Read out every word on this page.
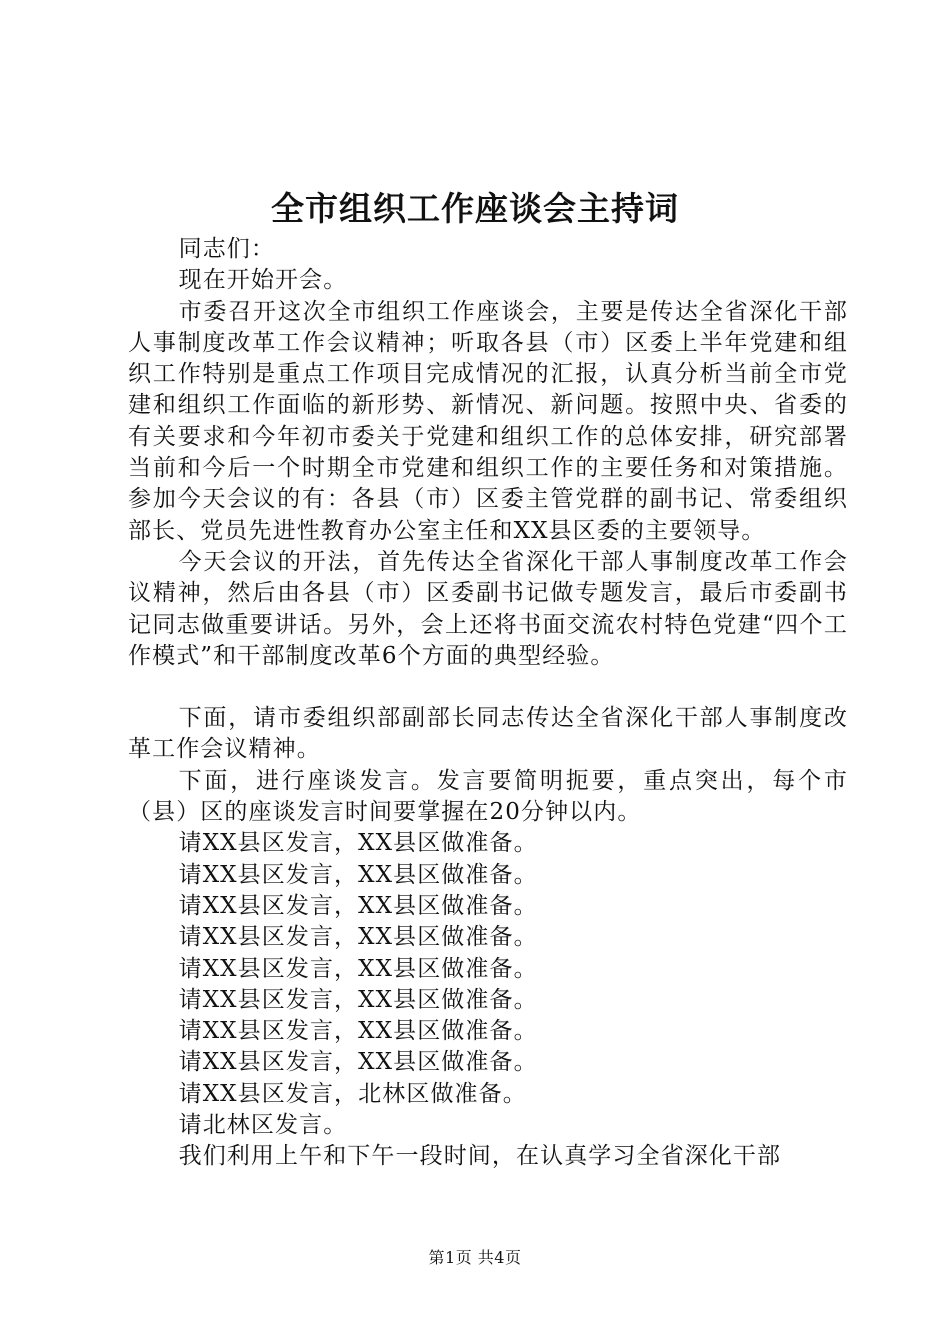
全市组织工作座谈会主持词

同志们：

现在开始开会。

市委召开这次全市组织工作座谈会，主要是传达全省深化干部人事制度改革工作会议精神；听取各县（市）区委上半年党建和组织工作特别是重点工作项目完成情况的汇报，认真分析当前全市党建和组织工作面临的新形势、新情况、新问题。按照中央、省委的有关要求和今年初市委关于党建和组织工作的总体安排，研究部署当前和今后一个时期全市党建和组织工作的主要任务和对策措施。参加今天会议的有：各县（市）区委主管党群的副书记、常委组织部长、党员先进性教育办公室主任和XX县区委的主要领导。

今天会议的开法，首先传达全省深化干部人事制度改革工作会议精神，然后由各县（市）区委副书记做专题发言，最后市委副书记同志做重要讲话。另外，会上还将书面交流农村特色党建“四个工作模式”和干部制度改革6个方面的典型经验。

下面，请市委组织部副部长同志传达全省深化干部人事制度改革工作会议精神。

下面，进行座谈发言。发言要简明扼要，重点突出，每个市（县）区的座谈发言时间要掌握在20分钟以内。

请XX县区发言，XX县区做准备。

请XX县区发言，XX县区做准备。

请XX县区发言，XX县区做准备。

请XX县区发言，XX县区做准备。

请XX县区发言，XX县区做准备。

请XX县区发言，XX县区做准备。

请XX县区发言，XX县区做准备。

请XX县区发言，XX县区做准备。

请XX县区发言，北林区做准备。

请北林区发言。

我们利用上午和下午一段时间，在认真学习全省深化干部

第1页 共4页
